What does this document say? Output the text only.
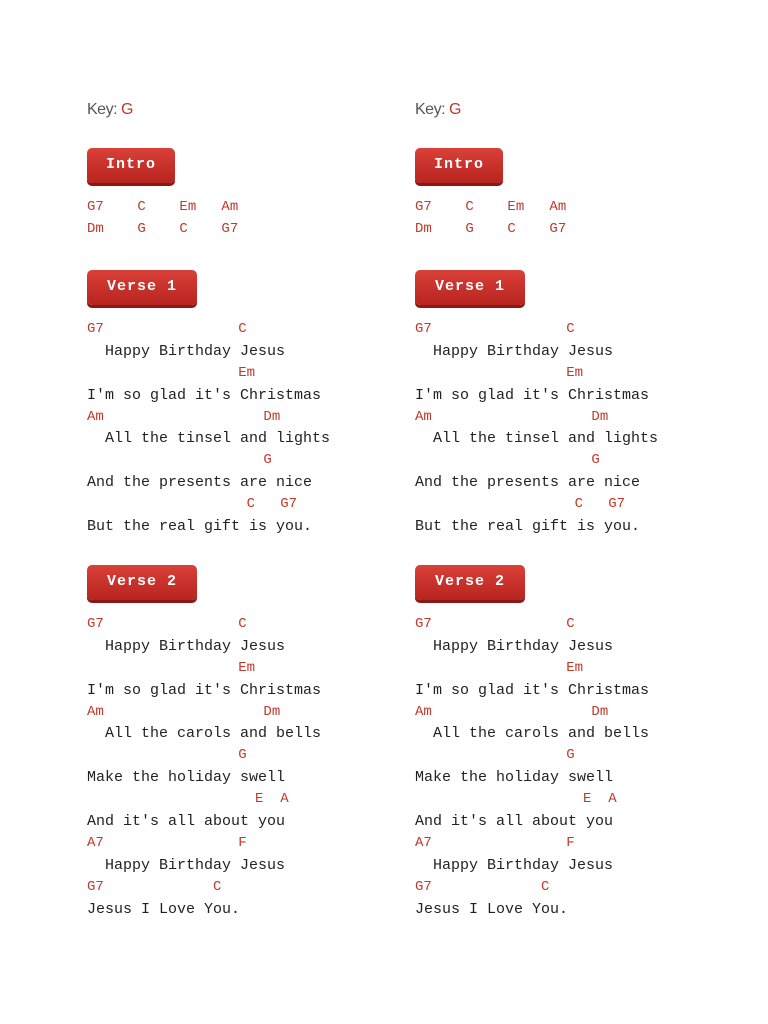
Key: G
Intro
G7    C    Em   Am
Dm    G    C    G7
Verse 1
G7                C
Happy Birthday Jesus
Em
I'm so glad it's Christmas
Am                   Dm
All the tinsel and lights
G
And the presents are nice
C   G7
But the real gift is you.
Verse 2
G7                C
Happy Birthday Jesus
Em
I'm so glad it's Christmas
Am                   Dm
All the carols and bells
G
Make the holiday swell
E  A
And it's all about you
A7                F
Happy Birthday Jesus
G7             C
Jesus I Love You.
Key: G
Intro
G7    C    Em   Am
Dm    G    C    G7
Verse 1
G7                C
Happy Birthday Jesus
Em
I'm so glad it's Christmas
Am                   Dm
All the tinsel and lights
G
And the presents are nice
C   G7
But the real gift is you.
Verse 2
G7                C
Happy Birthday Jesus
Em
I'm so glad it's Christmas
Am                   Dm
All the carols and bells
G
Make the holiday swell
E  A
And it's all about you
A7                F
Happy Birthday Jesus
G7             C
Jesus I Love You.
